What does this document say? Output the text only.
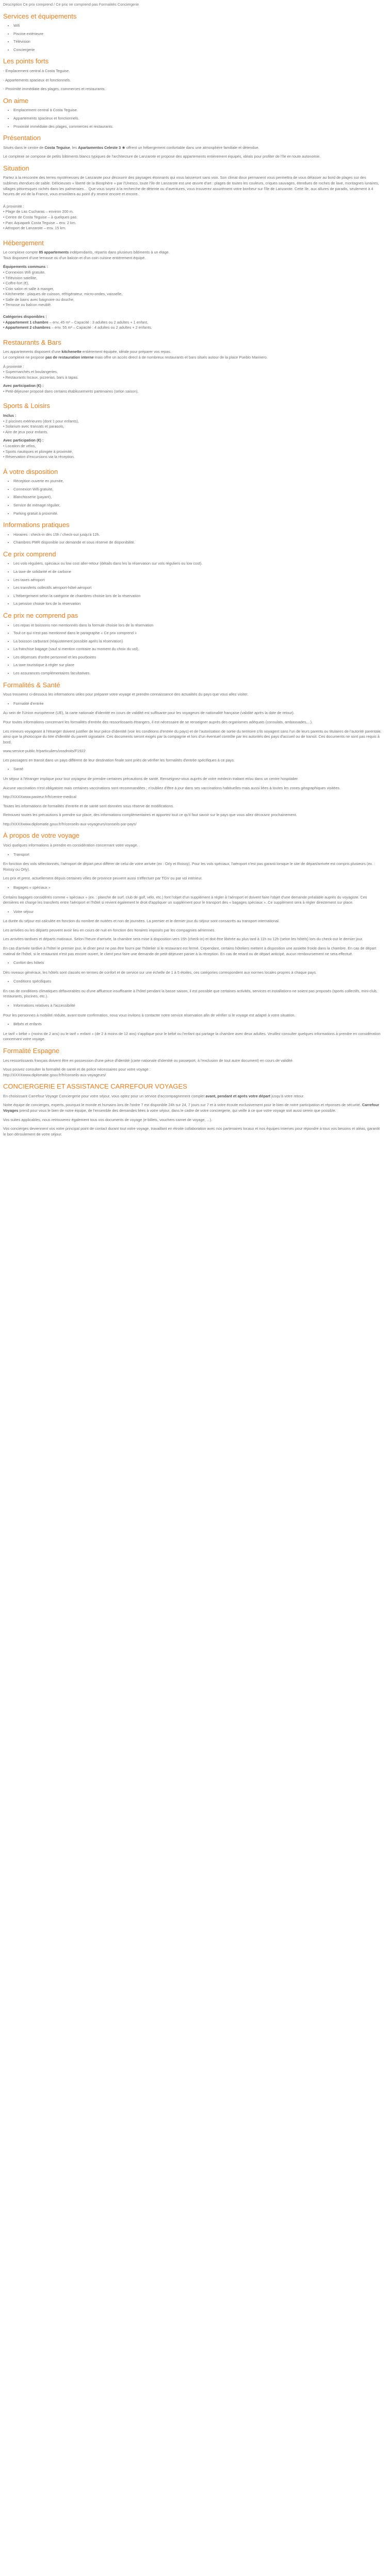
Description Ce prix comprend / Ce prix ne comprend pas Formalités Conciergerie
Services et équipements
• Wifi
• Piscine extérieure
• Télévision
• Conciergerie
Les points forts

- Emplacement central à Costa Teguise.

- Appartements spacieux et fonctionnels.

- Proximité immédiate des plages, commerces et restaurants.

On aime
• Emplacement central à Costa Teguise.
• Appartements spacieux et fonctionnels.
• Proximité immédiate des plages, commerces et restaurants.
Présentation

Situés dans le centre de Costa Teguise, les Apartamentos Celeste 3 ★ offrent un hébergement confortable dans une atmosphère familiale et détendue.

Le complexe se compose de petits bâtiments blancs typiques de l'architecture de Lanzarote et propose des appartements entièrement équipés, idéals pour profiter de l'île en toute autonomie.

Situation

Partez à la rencontre des terres mystérieuses de Lanzarote pour découvrir des paysages étonnants qui vous laisseront sans voix. Son climat doux permanent vous permettra de vous délasser au bord de plages sur des sublimes étendues de sable. Délicieuses « liberté de la Biosphère » par l'Unesco, toute l'île de Lanzarote est une œuvre d'art : plages de toutes les couleurs, criques sauvages, étendues de roches de lave, montagnes lunaires, villages pittoresques nichés dans les palmeraies… Que vous soyez à la recherche de détente ou d'aventures, vous trouverez assurément votre bonheur sur l'île de Lanzarote. Cette île, aux allures de paradis, seulement à 4 heures de vol de la France, vous envoûtera au point d'y revenir encore et encore.

À proximité :
• Plage de Las Cucharas – environ 200 m.
• Centre de Costa Teguise – à quelques pas.
• Parc Aquapark Costa Teguise – env. 2 km.
• Aéroport de Lanzarote – env. 15 km.
Hébergement
Le complexe compte 85 appartements indépendants, répartis dans plusieurs bâtiments à un étage.

Tous disposent d'une terrasse ou d'un balcon et d'un coin cuisine entièrement équipé.

Équipements communs :
• Connexion Wifi gratuite,
• Télévision satellite,
• Coffre-fort (€),
• Coin salon et salle à manger,
• Kitchenette : plaques de cuisson, réfrigérateur, micro-ondes, vaisselle,
• Salle de bains avec baignoire ou douche,
• Terrasse ou balcon meublé.
Catégories disponibles :
• Appartement 1 chambre – env. 45 m² – Capacité : 3 adultes ou 2 adultes + 1 enfant,
• Appartement 2 chambres – env. 55 m² – Capacité : 4 adultes ou 2 adultes + 2 enfants.
Restaurants & Bars
Les appartements disposent d'une kitchenette entièrement équipée, idéale pour préparer vos repas.

Le complexe ne propose pas de restauration interne mais offre un accès direct à de nombreux restaurants et bars situés autour de la place Pueblo Marinero.

À proximité :
• Supermarchés et boulangeries,
• Restaurants locaux, pizzerias, bars à tapas.
Avec participation (€) :
• Petit-déjeuner proposé dans certains établissements partenaires (selon saison).
Sports & Loisirs
Inclus :
• 2 piscines extérieures (dont 1 pour enfants),
• Solarium avec transats et parasols,
• Aire de jeux pour enfants.
Avec participation (€) :
• Location de vélos,
• Sports nautiques et plongée à proximité,
• Réservation d'excursions via la réception.
À votre disposition
• Réception ouverte en journée,
• Connexion Wifi gratuite,
• Blanchisserie (payant),
• Service de ménage régulier,
• Parking gratuit à proximité.
Informations pratiques
• Horaires : check-in dès 15h / check-out jusqu'à 12h.
• Chambres PMR disponible sur demande et sous réserve de disponibilité.
Ce prix comprend
• Les vols réguliers, spéciaux ou low cost aller-retour (détails dans les la réservation sur vols réguliers ou low cost).
• La taxe de solidarité et de carbone
• Les taxes aéroport
• Les transferts collectifs aéroport-hôtel-aéroport
• L'hébergement selon la catégorie de chambres choisie lors de la réservation
• La pension choisie lors de la réservation
Ce prix ne comprend pas
• Les repas et boissons non mentionnés dans la formule choisie lors de la réservation
• Tout ce qui n'est pas mentionné dans le paragraphe « Ce prix comprend »
• La boisson carburant (réajustement possible après la réservation)
• La franchise bagage (sauf si mention contraire au moment du choix du vol).
• Les dépenses d'ordre personnel et les pourboires
• La taxe touristique à régler sur place
• Les assurances complémentaires facultatives.
Formalités & Santé

Vous trouverez ci-dessous les informations utiles pour préparer votre voyage et prendre connaissance des actualités du pays que vous allez visiter.

• Formalité d'entrée

Au sein de l'Union européenne (UE), la carte nationale d'identité en cours de validité est suffisante pour les voyageurs de nationalité française (validité après la date de retour).

Pour toutes informations concernant les formalités d'entrée des ressortissants étrangers, il est nécessaire de se renseigner auprès des organismes adéquats (consulats, ambassades,...).

Les mineurs voyageant à l'étranger doivent justifier de leur pièce d'identité (voir les conditions d'entrée du pays) et de l'autorisation de sortie du territoire s'ils voyagent sans l'un de leurs parents ou titulaires de l'autorité parentale, ainsi que la photocopie du titre d'identité du parent signataire. Ces documents seront exigés par la compagnie et lors d'un éventuel contrôle par les autorités des pays d'accueil ou de transit. Ces documents ne sont pas requis à bord.

www.service-public.fr/particuliers/vosdroits/F1922

Les passagers en transit dans un pays différent de leur destination finale sont priés de vérifier les formalités d'entrée spécifiques à ce pays.

• Santé

Un séjour à l'étranger implique pour tout voyageur de prendre certaines précautions de santé. Renseignez-vous auprès de votre médecin traitant et/ou dans un centre hospitalier.

Aucune vaccination n'est obligatoire mais certaines vaccinations sont recommandées ; n'oubliez d'être à jour dans ses vaccinations habituelles mais aussi liées à toutes les zones géographiques visitées.

http://XXXXwww.pasteur.fr/fr/centre-medical

Toutes les informations de formalités d'entrée et de santé sont données sous réserve de modifications.

Retrouvez toutes les précautions à prendre sur place, des informations complémentaires et apportez tout ce qu'il faut savoir sur le pays que vous allez découvrir prochainement.

http://XXXXwww.diplomatie.gouv.fr/fr/conseils-aux-voyageurs/conseils-par-pays/

À propos de votre voyage

Voici quelques informations à prendre en considération concernant votre voyage.

• Transport

En fonction des vols sélectionnés, l'aéroport de départ peut différer de celui de votre arrivée (ex : Orly et Roissy). Pour les vols spéciaux, l'aéroport n'est pas garanti lorsque le site de départ/arrivée est compris plusieurs (ex. : Roissy ou Orly).

Les prix et prest. actuellement dépuis certaines villes de province peuvent aussi s'effectuer par TGV ou par vol intérieur.

• Bagages « spéciaux »

Certains bagages considérés comme « spéciaux » (ex. : planche de surf, club de golf, vélo, etc.) font l'objet d'un supplément à régler à l'aéroport et doivent faire l'objet d'une demande préalable auprès du voyagiste. Ces dernières en charge les transferts entre l'aéroport et l'hôtel si revient également le droit d'appliquer un supplément pour le transport des « bagages spéciaux ». Ce supplément sera à régler directement sur place.

• Votre séjour

La durée du séjour est calculée en fonction du nombre de nuitées et non de journées. La premier et le dernier jour du séjour sont consacrés au transport international.

Les arrivées ou les départs peuvent avoir lieu en cours de nuit en fonction des horaires imposés par les compagnies aériennes.

Les arrivées tardives et départs matinaux. Selon l'heure d'arrivée, la chambre sera mise à disposition vers 15h (check-in) et doit être libérée au plus tard à 11h ou 12h (selon les hôtels) lors du check-out le dernier jour.

En cas d'arrivée tardive à l'hôtel le premier jour, le dîner peut ne pas être fourni par l'hôtelier si le restaurant est fermé. Cependant, certains hôteliers mettent à disposition une assiette froide dans la chambre. En cas de départ matinal de l'hôtel, si le restaurant n'est pas encore ouvert, le client peut faire une demande de petit-déjeuner panier à la réception. En cas de retard ou de départ anticipé, aucun remboursement ne sera effectué.

• Confort des hôtels

Dès niveaux généraux, les hôtels sont classés en termes de confort et de service sur une échelle de 1 à 5 étoiles, ces catégories correspondent aux normes locales propres à chaque pays.

• Conditions spécifiques

En cas de conditions climatiques défavorables ou d'une affluence insuffisante à l'hôtel pendant la basse saison, il est possible que certaines activités, services et installations ne soient pas proposés (sports collectifs, mini-club, restaurants, piscines, etc.).

• Informations relatives à l'accessibilité

Pour les personnes à mobilité réduite, avant toute confirmation, nous vous invitons à contacter notre service réservation afin de vérifier si le voyage est adapté à votre situation.

• Bébés et enfants

Le tarif « bébé » (moins de 2 ans) ou le tarif « enfant » (de 2 à moins de 12 ans) s'applique pour le bébé ou l'enfant qui partage la chambre avec deux adultes. Veuillez consulter quelques informations à prendre en considération concernant votre voyage.

Formalité Espagne

Les ressortissants français doivent être en possession d'une pièce d'identité (carte nationale d'identité ou passeport, à l'exclusion de tout autre document) en cours de validité.

Vous pouvez consulter la formalité de santé et de police nécessaires pour votre voyage :

http://XXXXwww.diplomatie.gouv.fr/fr/conseils-aux-voyageurs/

CONCIERGERIE ET ASSISTANCE CARREFOUR VOYAGES

En choisissant Carrefour Voyage Conciergerie pour votre séjour, vous optez pour un service d'accompagnement complet avant, pendant et après votre départ jusqu'à votre retour.

Notre équipe de concierges, experts, pourquoi le monde et humains lors de l'ordre 7 est disponible 24h sur 24, 7 jours sur 7 et à votre écoute exclusivement pour le bien de notre participation et réponses de sécurité. Carrefour Voyages prend pour vous le bien de notre équipe, de l'ensemble des demandes liées à votre séjour, dans le cadre de votre conciergerie, qui veille à ce que votre voyage soit aussi serein que possible.

Vos suites applicables, nous retrouverez également tous vos documents de voyage (e-billets, vouchers carnet de voyage, ...).

Vos concierges deviennent vos votre principal point de contact durant tout votre voyage, travaillant en étroite collaboration avec nos partenaires locaux et nos équipes internes pour répondre à tous vos besoins et aléas, garantit le bon déroulement de votre séjour.
